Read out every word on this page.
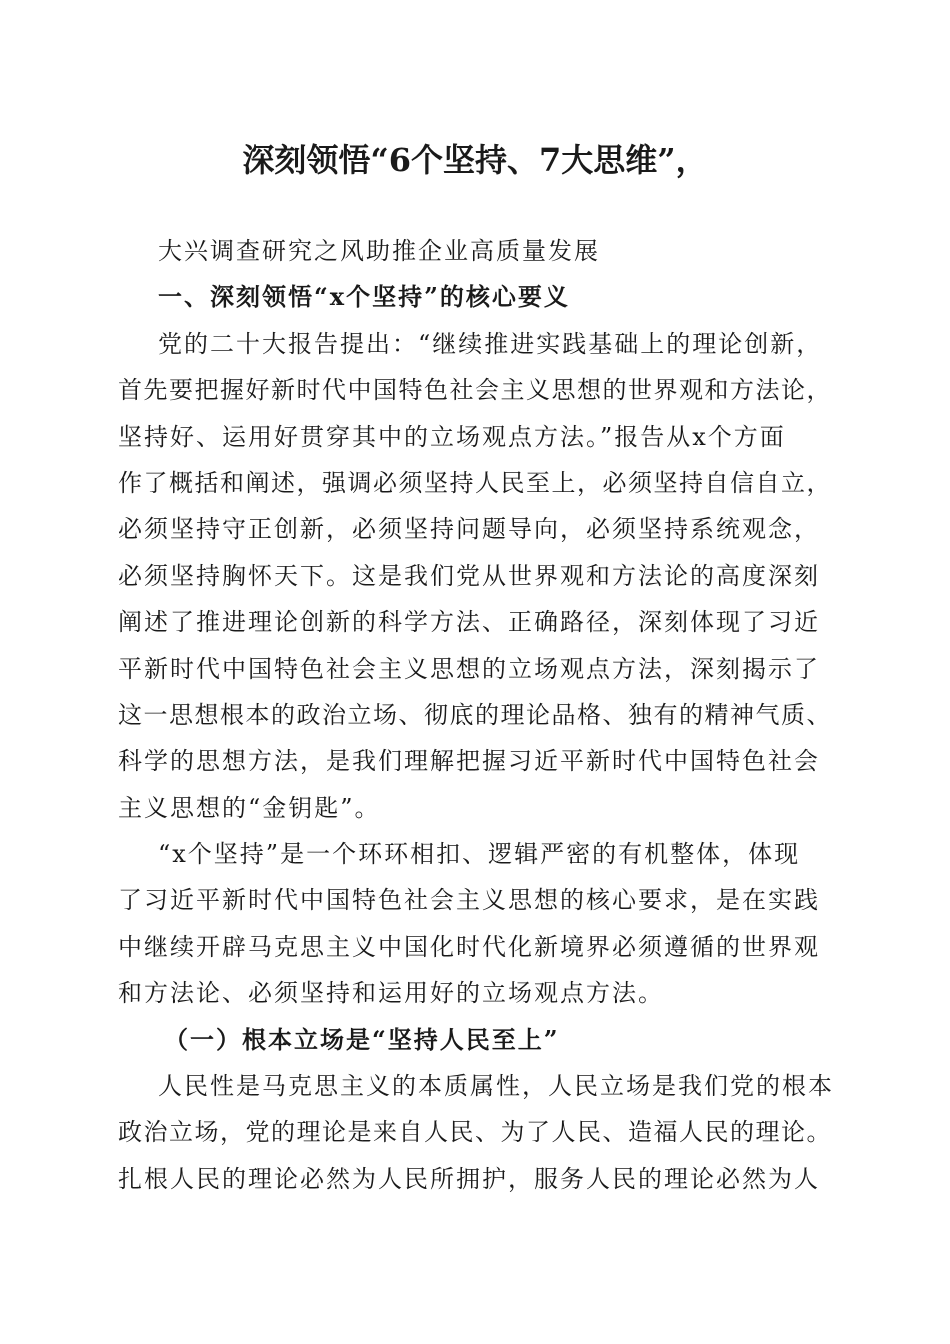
深刻领悟“6个坚持、7大思维”，
大兴调查研究之风助推企业高质量发展
一、深刻领悟“x个坚持”的核心要义
党的二十大报告提出：“继续推进实践基础上的理论创新，
首先要把握好新时代中国特色社会主义思想的世界观和方法论，
坚持好、运用好贯穿其中的立场观点方法。”报告从x个方面
作了概括和阐述，强调必须坚持人民至上，必须坚持自信自立，
必须坚持守正创新，必须坚持问题导向，必须坚持系统观念，
必须坚持胸怀天下。这是我们党从世界观和方法论的高度深刻
阐述了推进理论创新的科学方法、正确路径，深刻体现了习近
平新时代中国特色社会主义思想的立场观点方法，深刻揭示了
这一思想根本的政治立场、彻底的理论品格、独有的精神气质、
科学的思想方法，是我们理解把握习近平新时代中国特色社会
主义思想的“金钥匙”。
“x个坚持”是一个环环相扣、逻辑严密的有机整体，体现
了习近平新时代中国特色社会主义思想的核心要求，是在实践
中继续开辟马克思主义中国化时代化新境界必须遵循的世界观
和方法论、必须坚持和运用好的立场观点方法。
（一）根本立场是“坚持人民至上”
人民性是马克思主义的本质属性，人民立场是我们党的根本
政治立场，党的理论是来自人民、为了人民、造福人民的理论。
扎根人民的理论必然为人民所拥护，服务人民的理论必然为人
